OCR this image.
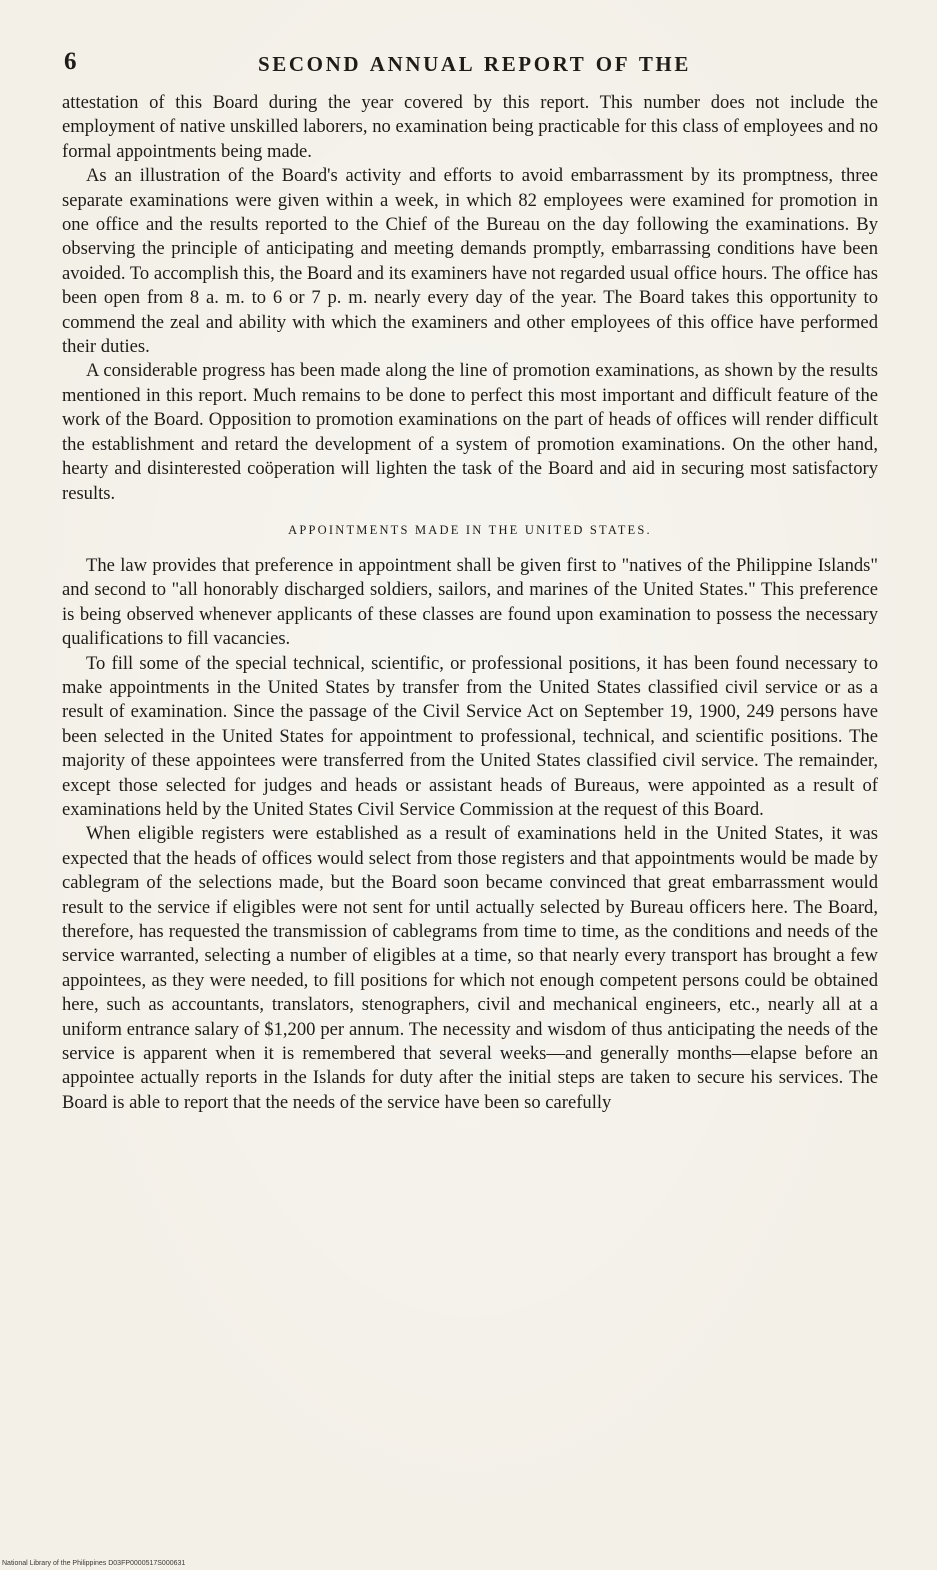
6	SECOND ANNUAL REPORT OF THE

attestation of this Board during the year covered by this report. This number does not include the employment of native unskilled laborers, no examination being practicable for this class of employees and no formal appointments being made.

As an illustration of the Board's activity and efforts to avoid embarrassment by its promptness, three separate examinations were given within a week, in which 82 employees were examined for promotion in one office and the results reported to the Chief of the Bureau on the day following the examinations. By observing the principle of anticipating and meeting demands promptly, embarrassing conditions have been avoided. To accomplish this, the Board and its examiners have not regarded usual office hours. The office has been open from 8 a. m. to 6 or 7 p. m. nearly every day of the year. The Board takes this opportunity to commend the zeal and ability with which the examiners and other employees of this office have performed their duties.

A considerable progress has been made along the line of promotion examinations, as shown by the results mentioned in this report. Much remains to be done to perfect this most important and difficult feature of the work of the Board. Opposition to promotion examinations on the part of heads of offices will render difficult the establishment and retard the development of a system of promotion examinations. On the other hand, hearty and disinterested coöperation will lighten the task of the Board and aid in securing most satisfactory results.

APPOINTMENTS MADE IN THE UNITED STATES.

The law provides that preference in appointment shall be given first to "natives of the Philippine Islands" and second to "all honorably discharged soldiers, sailors, and marines of the United States." This preference is being observed whenever applicants of these classes are found upon examination to possess the necessary qualifications to fill vacancies.

To fill some of the special technical, scientific, or professional positions, it has been found necessary to make appointments in the United States by transfer from the United States classified civil service or as a result of examination. Since the passage of the Civil Service Act on September 19, 1900, 249 persons have been selected in the United States for appointment to professional, technical, and scientific positions. The majority of these appointees were transferred from the United States classified civil service. The remainder, except those selected for judges and heads or assistant heads of Bureaus, were appointed as a result of examinations held by the United States Civil Service Commission at the request of this Board.

When eligible registers were established as a result of examinations held in the United States, it was expected that the heads of offices would select from those registers and that appointments would be made by cablegram of the selections made, but the Board soon became convinced that great embarrassment would result to the service if eligibles were not sent for until actually selected by Bureau officers here. The Board, therefore, has requested the transmission of cablegrams from time to time, as the conditions and needs of the service warranted, selecting a number of eligibles at a time, so that nearly every transport has brought a few appointees, as they were needed, to fill positions for which not enough competent persons could be obtained here, such as accountants, translators, stenographers, civil and mechanical engineers, etc., nearly all at a uniform entrance salary of $1,200 per annum. The necessity and wisdom of thus anticipating the needs of the service is apparent when it is remembered that several weeks—and generally months—elapse before an appointee actually reports in the Islands for duty after the initial steps are taken to secure his services. The Board is able to report that the needs of the service have been so carefully

National Library of the Philippines D03FP0000517S000631
